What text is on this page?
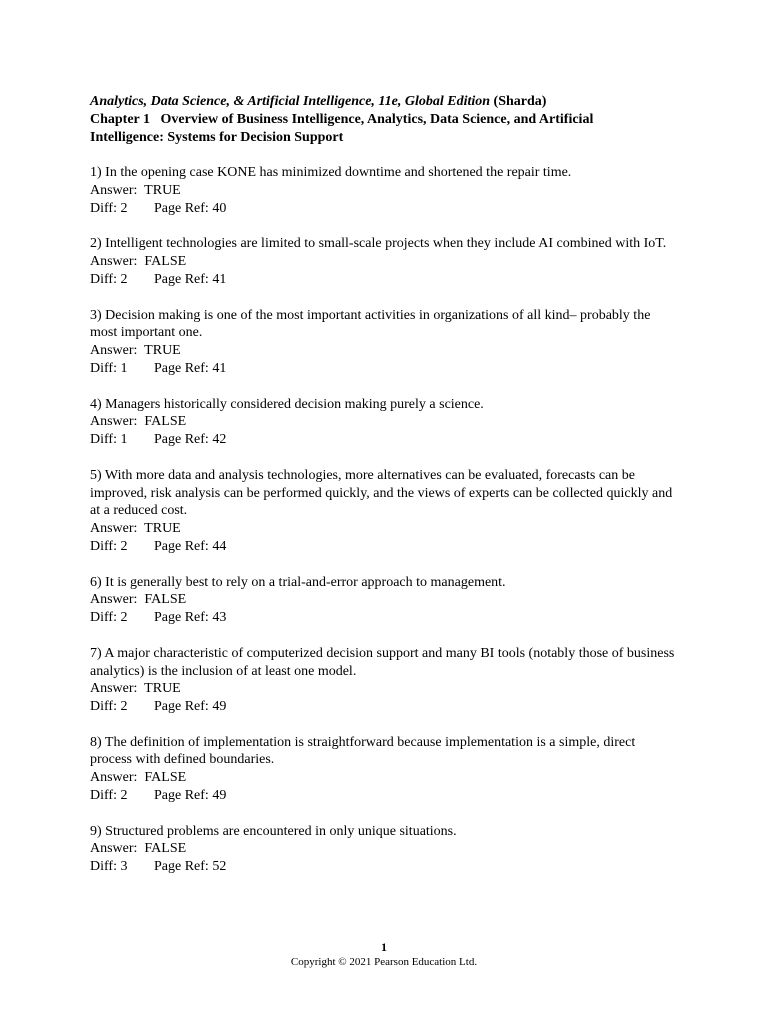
Analytics, Data Science, & Artificial Intelligence, 11e, Global Edition (Sharda)

Chapter 1 Overview of Business Intelligence, Analytics, Data Science, and Artificial
Intelligence: Systems for Decision Support

1) In the opening case KONE has minimized downtime and shortened the repair time.

Answer:  TRUE

Diff: 2 Page Ref: 40

2) Intelligent technologies are limited to small-scale projects when they include AI combined with IoT.

Answer:  FALSE

Diff: 2 Page Ref: 41

3) Decision making is one of the most important activities in organizations of all kind– probably the most important one.

Answer:  TRUE

Diff: 1 Page Ref: 41

4) Managers historically considered decision making purely a science.

Answer:  FALSE

Diff: 1 Page Ref: 42

5) With more data and analysis technologies, more alternatives can be evaluated, forecasts can be improved, risk analysis can be performed quickly, and the views of experts can be collected quickly and at a reduced cost.

Answer:  TRUE

Diff: 2 Page Ref: 44

6) It is generally best to rely on a trial-and-error approach to management.

Answer:  FALSE

Diff: 2 Page Ref: 43

7) A major characteristic of computerized decision support and many BI tools (notably those of business analytics) is the inclusion of at least one model.

Answer:  TRUE

Diff: 2 Page Ref: 49

8) The definition of implementation is straightforward because implementation is a simple, direct process with defined boundaries.

Answer:  FALSE

Diff: 2 Page Ref: 49

9) Structured problems are encountered in only unique situations.

Answer:  FALSE

Diff: 3 Page Ref: 52

1
Copyright © 2021 Pearson Education Ltd.
